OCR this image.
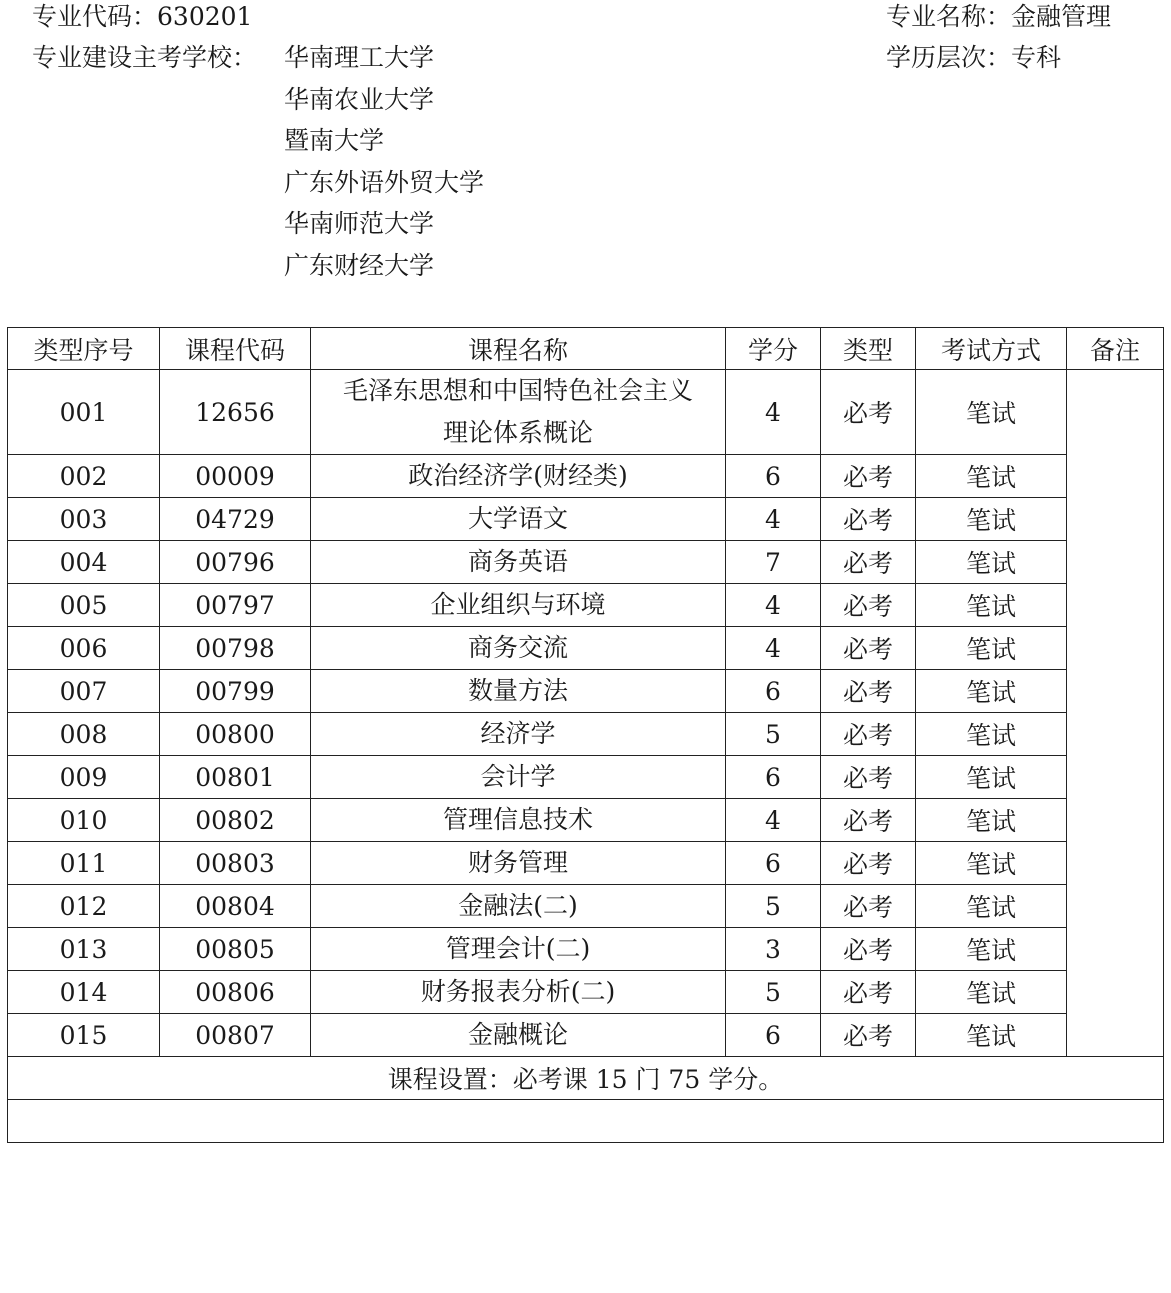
专业代码：630201
专业建设主考学校： 华南理工大学
华南农业大学
暨南大学
广东外语外贸大学
华南师范大学
广东财经大学
专业名称：金融管理
学历层次：专科
类型序号	课程代码	课程名称	学分	类型	考试方式	备注
001	12656	毛泽东思想和中国特色社会主义
理论体系概论	4	必考	笔试	
002	00009	政治经济学(财经类)	6	必考	笔试	
003	04729	大学语文	4	必考	笔试	
004	00796	商务英语	7	必考	笔试	
005	00797	企业组织与环境	4	必考	笔试	
006	00798	商务交流	4	必考	笔试	
007	00799	数量方法	6	必考	笔试	
008	00800	经济学	5	必考	笔试	
009	00801	会计学	6	必考	笔试	
010	00802	管理信息技术	4	必考	笔试	
011	00803	财务管理	6	必考	笔试	
012	00804	金融法(二)	5	必考	笔试	
013	00805	管理会计(二)	3	必考	笔试	
014	00806	财务报表分析(二)	5	必考	笔试	
015	00807	金融概论	6	必考	笔试	
课程设置：必考课 15 门 75 学分。						
